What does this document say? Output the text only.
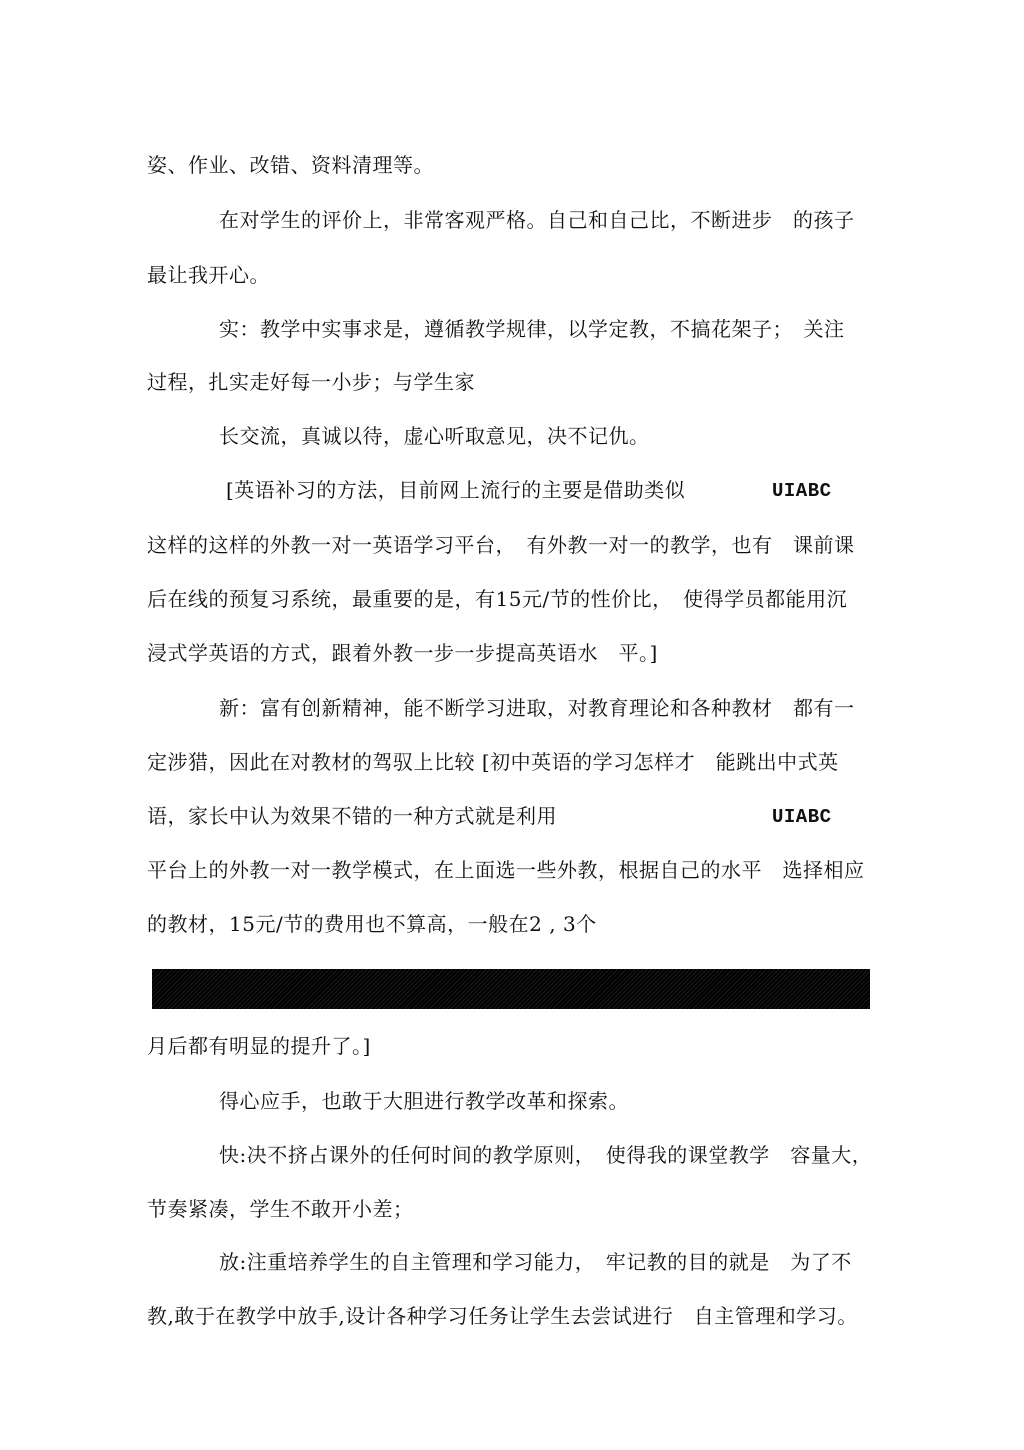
姿、作业、改错、资料清理等。
在对学生的评价上，非常客观严格。自己和自己比，不断进步　的孩子
最让我开心。
实：教学中实事求是，遵循教学规律，以学定教，不搞花架子；　关注
过程，扎实走好每一小步；与学生家
长交流，真诚以待，虚心听取意见，决不记仇。
[英语补习的方法，目前网上流行的主要是借助类似	UIABC
这样的这样的外教一对一英语学习平台，　有外教一对一的教学，也有　课前课
后在线的预复习系统，最重要的是，有15元/节的性价比，　使得学员都能用沉
浸式学英语的方式，跟着外教一步一步提高英语水　平。]
新：富有创新精神，能不断学习进取，对教育理论和各种教材　都有一
定涉猎，因此在对教材的驾驭上比较 [初中英语的学习怎样才　能跳出中式英
语，家长中认为效果不错的一种方式就是利用	UIABC
平台上的外教一对一教学模式，在上面选一些外教，根据自己的水平　选择相应
的教材，15元/节的费用也不算高，一般在2 , 3个
月后都有明显的提升了。]
得心应手，也敢于大胆进行教学改革和探索。
快:决不挤占课外的任何时间的教学原则，　使得我的课堂教学　容量大，
节奏紧凑，学生不敢开小差；
放:注重培养学生的自主管理和学习能力，　牢记教的目的就是　为了不
教,敢于在教学中放手,设计各种学习任务让学生去尝试进行　自主管理和学习。
